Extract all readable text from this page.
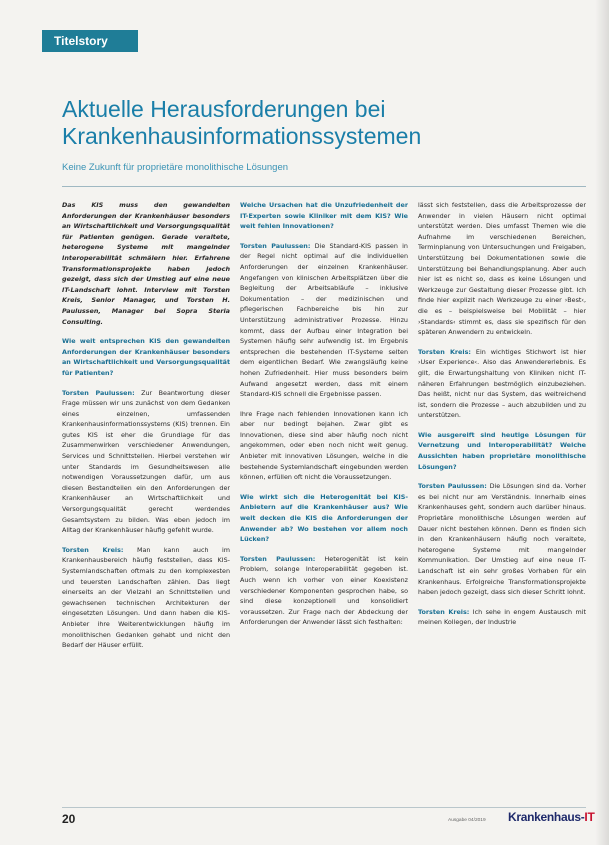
Titelstory
Aktuelle Herausforderungen bei Krankenhausinformationssystemen
Keine Zukunft für proprietäre monolithische Lösungen

Das KIS muss den gewandelten Anforderungen der Krankenhäuser besonders an Wirtschaftlichkeit und Versorgungsqualität für Patienten genügen. Gerade veraltete, heterogene Systeme mit mangelnder Interoperabilität schmälern hier. Erfahrene Transformationsprojekte haben jedoch gezeigt, dass sich der Umstieg auf eine neue IT-Landschaft lohnt. Interview mit Torsten Kreis, Senior Manager, und Torsten H. Paulussen, Manager bei Sopra Steria Consulting.

Wie weit entsprechen KIS den gewandelten Anforderungen der Krankenhäuser besonders an Wirtschaftlichkeit und Versorgungsqualität für Patienten?

Torsten Paulussen: Zur Beantwortung dieser Frage müssen wir uns zunächst von dem Gedanken eines einzelnen, umfassenden Krankenhausinformationssystems (KIS) trennen. Ein gutes KIS ist eher die Grundlage für das Zusammenwirken verschiedener Anwendungen, Services und Schnittstellen. Hierbei verstehen wir unter Standards im Gesundheitswesen alle notwendigen Voraussetzungen dafür, um aus diesen Bestandteilen ein den Anforderungen der Krankenhäuser an Wirtschaftlichkeit und Versorgungsqualität gerecht werdendes Gesamtsystem zu bilden. Was eben jedoch im Alltag der Krankenhäuser häufig gefehlt wurde.

Torsten Kreis: Man kann auch im Krankenhausbereich häufig feststellen, dass KIS-Systemlandschaften oftmals zu den komplexesten und teuersten Landschaften zählen. Das liegt einerseits an der Vielzahl an Schnittstellen und gewachsenen technischen Architekturen der eingesetzten Lösungen. Und dann haben die KIS-Anbieter ihre Weiterentwicklungen häufig im monolithischen Gedanken gehabt und nicht den Bedarf der Häuser erfüllt.

Welche Ursachen hat die Unzufriedenheit der IT-Experten sowie Kliniker mit dem KIS? Wie weit fehlen Innovationen?

Torsten Paulussen: Die Standard-KIS passen in der Regel nicht optimal auf die individuellen Anforderungen der einzelnen Krankenhäuser. Angefangen von klinischen Arbeitsplätzen über die Begleitung der Arbeitsabläufe – inklusive Dokumentation – der medizinischen und pflegerischen Fachbereiche bis hin zur Unterstützung administrativer Prozesse. Hinzu kommt, dass der Aufbau einer Integration bei Systemen häufig sehr aufwendig ist. Im Ergebnis entsprechen die bestehenden IT-Systeme selten dem eigentlichen Bedarf. Wie zwangsläufig keine hohen Zufriedenheit. Hier muss besonders beim Aufwand angesetzt werden, dass mit einem Standard-KIS schnell die Ergebnisse passen.

Ihre Frage nach fehlenden Innovationen kann ich aber nur bedingt bejahen. Zwar gibt es Innovationen, diese sind aber häufig noch nicht angekommen, oder eben noch nicht weit genug. Anbieter mit innovativen Lösungen, welche in die bestehende Systemlandschaft eingebunden werden können, erfüllen oft nicht die Voraussetzungen.

Wie wirkt sich die Heterogenität bei KIS-Anbietern auf die Krankenhäuser aus? Wie weit decken die KIS die Anforderungen der Anwender ab? Wo bestehen vor allem noch Lücken?

Torsten Paulussen: Heterogenität ist kein Problem, solange Interoperabilität gegeben ist. Auch wenn ich vorher von einer Koexistenz verschiedener Komponenten gesprochen habe, so sind diese konzeptionell und konsolidiert voraussetzen. Zur Frage nach der Abdeckung der Anforderungen der Anwender lässt sich festhalten:

lässt sich feststellen, dass die Arbeitsprozesse der Anwender in vielen Häusern nicht optimal unterstützt werden. Dies umfasst Themen wie die Aufnahme im verschiedenen Bereichen, Terminplanung von Untersuchungen und Freigaben, Unterstützung bei Dokumentationen sowie die Unterstützung bei Behandlungsplanung. Aber auch hier ist es nicht so, dass es keine Lösungen und Werkzeuge zur Gestaltung dieser Prozesse gibt. Ich finde hier explizit nach Werkzeuge zu einer ›Best‹, die es – beispielsweise bei Mobilität – hier ›Standards‹ stimmt es, dass sie spezifisch für den späteren Anwendern zu entwickeln.

Torsten Kreis: Ein wichtiges Stichwort ist hier ›User Experience‹. Also das Anwendererlebnis. Es gilt, die Erwartungshaltung von Kliniken nicht IT-näheren Erfahrungen bestmöglich einzubeziehen. Das heißt, nicht nur das System, das weitreichend ist, sondern die Prozesse – auch abzubilden und zu unterstützen.

Wie ausgereift sind heutige Lösungen für Vernetzung und Interoperabilität? Welche Aussichten haben proprietäre monolithische Lösungen?

Torsten Paulussen: Die Lösungen sind da. Vorher es bei nicht nur am Verständnis. Innerhalb eines Krankenhauses geht, sondern auch darüber hinaus. Proprietäre monolithische Lösungen werden auf Dauer nicht bestehen können. Denn es finden sich in den Krankenhäusern häufig noch veraltete, heterogene Systeme mit mangelnder Kommunikation. Der Umstieg auf eine neue IT-Landschaft ist ein sehr großes Vorhaben für ein Krankenhaus. Erfolgreiche Transformationsprojekte haben jedoch gezeigt, dass sich dieser Schritt lohnt.

Torsten Kreis: Ich sehe in engem Austausch mit meinen Kollegen, der Industrie

20	Ausgabe 04/2019 Krankenhaus-IT
